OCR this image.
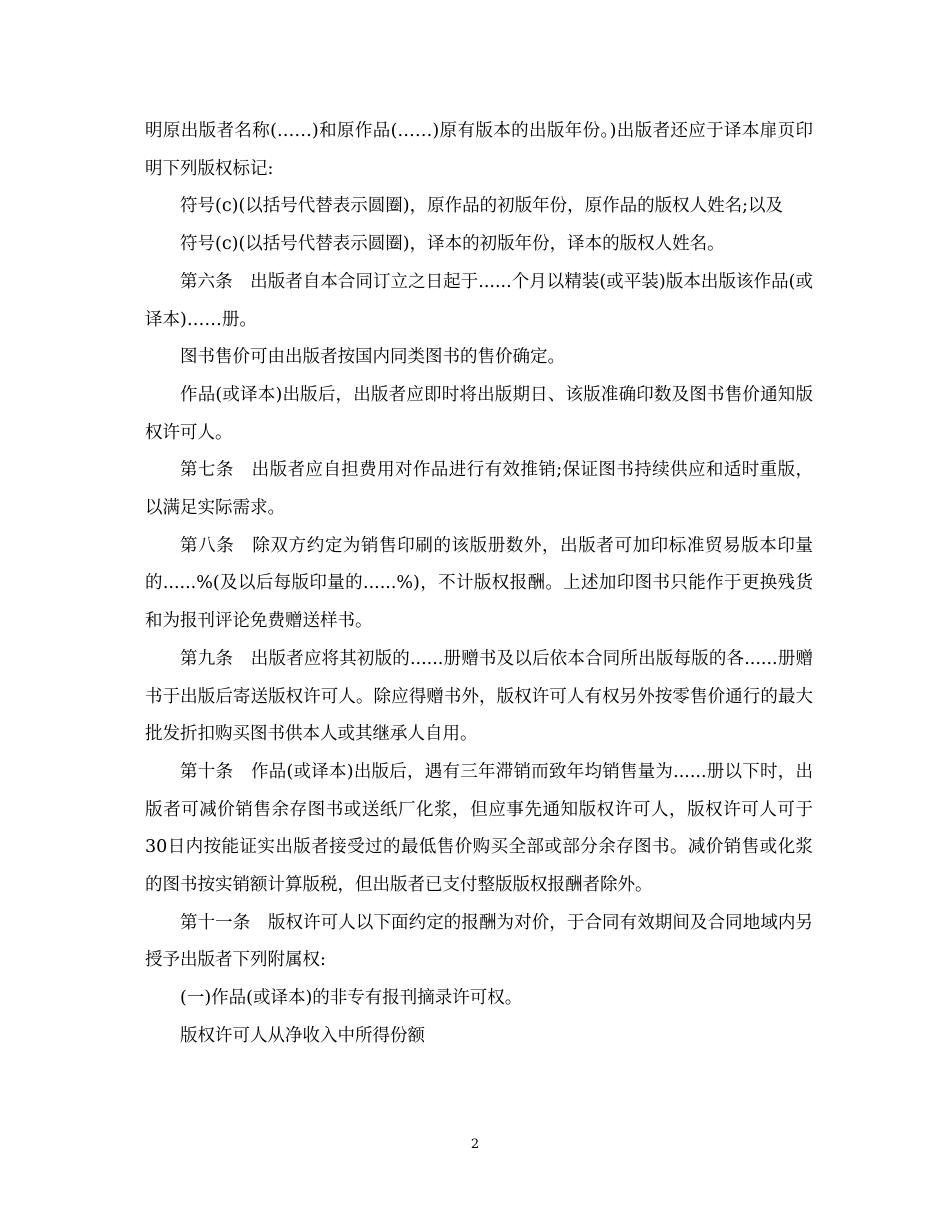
明原出版者名称(……)和原作品(……)原有版本的出版年份。)出版者还应于译本扉页印明下列版权标记:

符号(c)(以括号代替表示圆圈)，原作品的初版年份，原作品的版权人姓名;以及

符号(c)(以括号代替表示圆圈)，译本的初版年份，译本的版权人姓名。

第六条　出版者自本合同订立之日起于......个月以精装(或平装)版本出版该作品(或译本)……册。

图书售价可由出版者按国内同类图书的售价确定。

作品(或译本)出版后，出版者应即时将出版期日、该版准确印数及图书售价通知版权许可人。

第七条　出版者应自担费用对作品进行有效推销;保证图书持续供应和适时重版，以满足实际需求。

第八条　除双方约定为销售印刷的该版册数外，出版者可加印标准贸易版本印量的......%(及以后每版印量的......%)，不计版权报酬。上述加印图书只能作于更换残货和为报刊评论免费赠送样书。

第九条　出版者应将其初版的......册赠书及以后依本合同所出版每版的各......册赠书于出版后寄送版权许可人。除应得赠书外，版权许可人有权另外按零售价通行的最大批发折扣购买图书供本人或其继承人自用。

第十条　作品(或译本)出版后，遇有三年滞销而致年均销售量为......册以下时，出版者可减价销售余存图书或送纸厂化浆，但应事先通知版权许可人，版权许可人可于30日内按能证实出版者接受过的最低售价购买全部或部分余存图书。减价销售或化浆的图书按实销额计算版税，但出版者已支付整版版权报酬者除外。

第十一条　版权许可人以下面约定的报酬为对价，于合同有效期间及合同地域内另授予出版者下列附属权:

(一)作品(或译本)的非专有报刊摘录许可权。

版权许可人从净收入中所得份额

2
